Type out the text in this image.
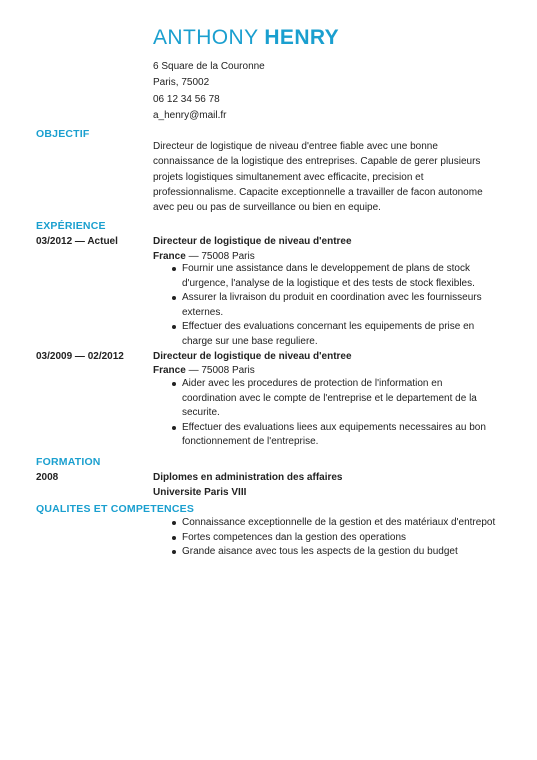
ANTHONY HENRY
6 Square de la Couronne
Paris, 75002
06 12 34 56 78
a_henry@mail.fr
OBJECTIF
Directeur de logistique de niveau d'entree fiable avec une bonne connaissance de la logistique des entreprises. Capable de gerer plusieurs projets logistiques simultanement avec efficacite, precision et professionnalisme. Capacite exceptionnelle a travailler de facon autonome avec peu ou pas de surveillance ou bien en equipe.
EXPÉRIENCE
03/2012 — Actuel	Directeur de logistique de niveau d'entree
France — 75008 Paris
Fournir une assistance dans le developpement de plans de stock d'urgence, l'analyse de la logistique et des tests de stock flexibles.
Assurer la livraison du produit en coordination avec les fournisseurs externes.
Effectuer des evaluations concernant les equipements de prise en charge sur une base reguliere.
03/2009 — 02/2012	Directeur de logistique de niveau d'entree
France — 75008 Paris
Aider avec les procedures de protection de l'information en coordination avec le compte de l'entreprise et le departement de la securite.
Effectuer des evaluations liees aux equipements necessaires au bon fonctionnement de l'entreprise.
FORMATION
2008	Diplomes en administration des affaires
Universite Paris VIII
QUALITES ET COMPETENCES
Connaissance exceptionnelle de la gestion et des matériaux d'entrepot
Fortes competences dan la gestion des operations
Grande aisance avec tous les aspects de la gestion du budget
